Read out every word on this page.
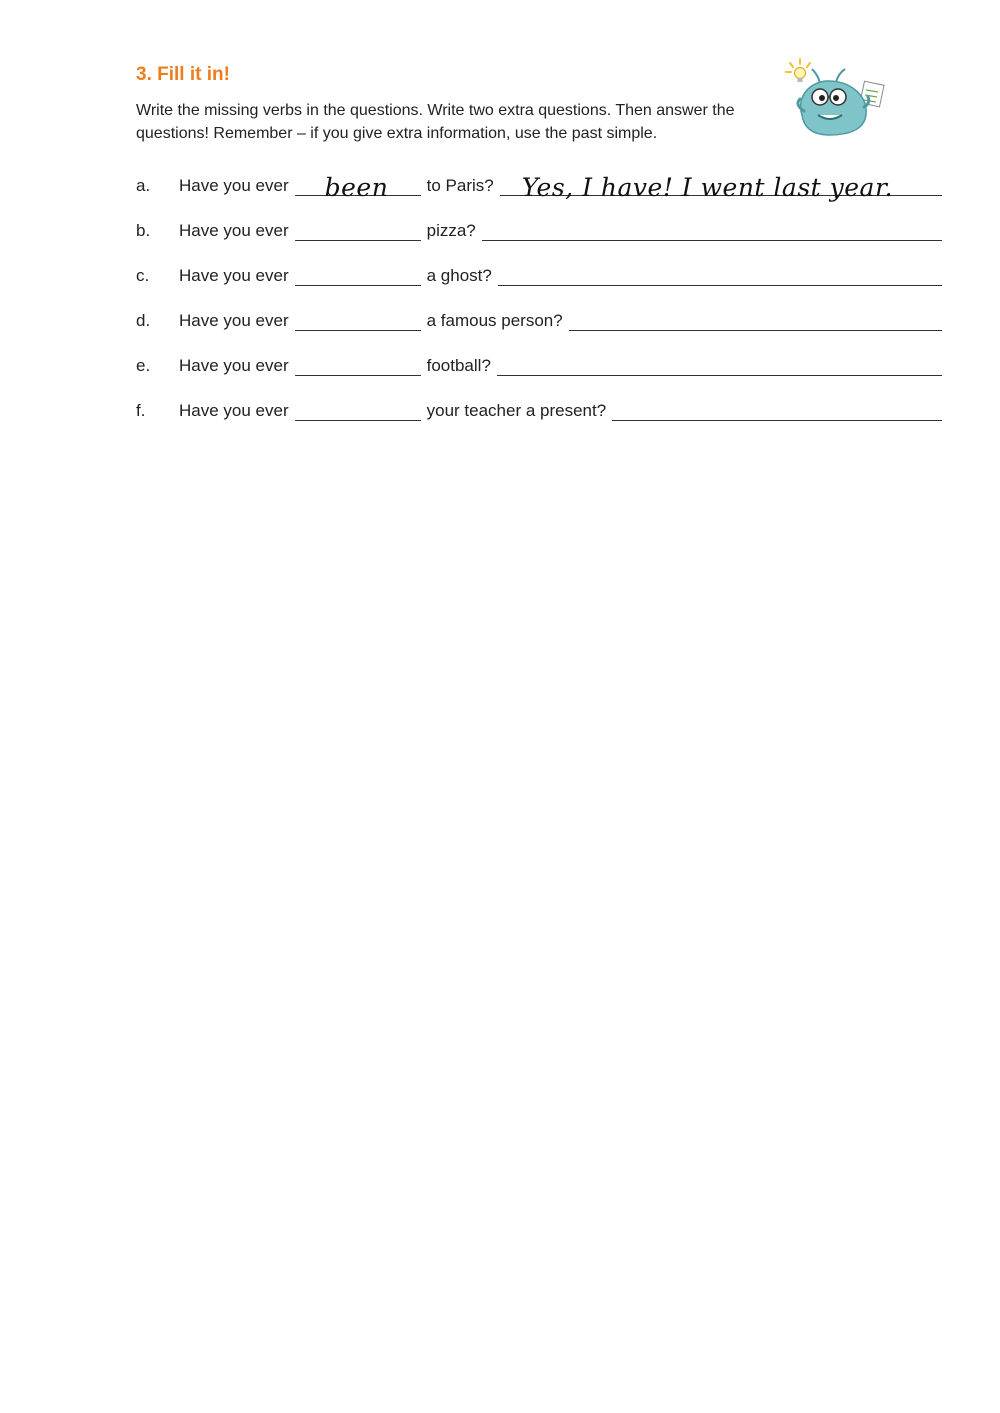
3. Fill it in!

Write the missing verbs in the questions. Write two extra questions. Then answer the questions! Remember – if you give extra information, use the past simple.

a.	Have you ever been to Paris? Yes, I have! I went last year.
b.	Have you ever	pizza?
c.	Have you ever	a ghost?
d.	Have you ever	a famous person?
e.	Have you ever	football?
f.	Have you ever	your teacher a present?
